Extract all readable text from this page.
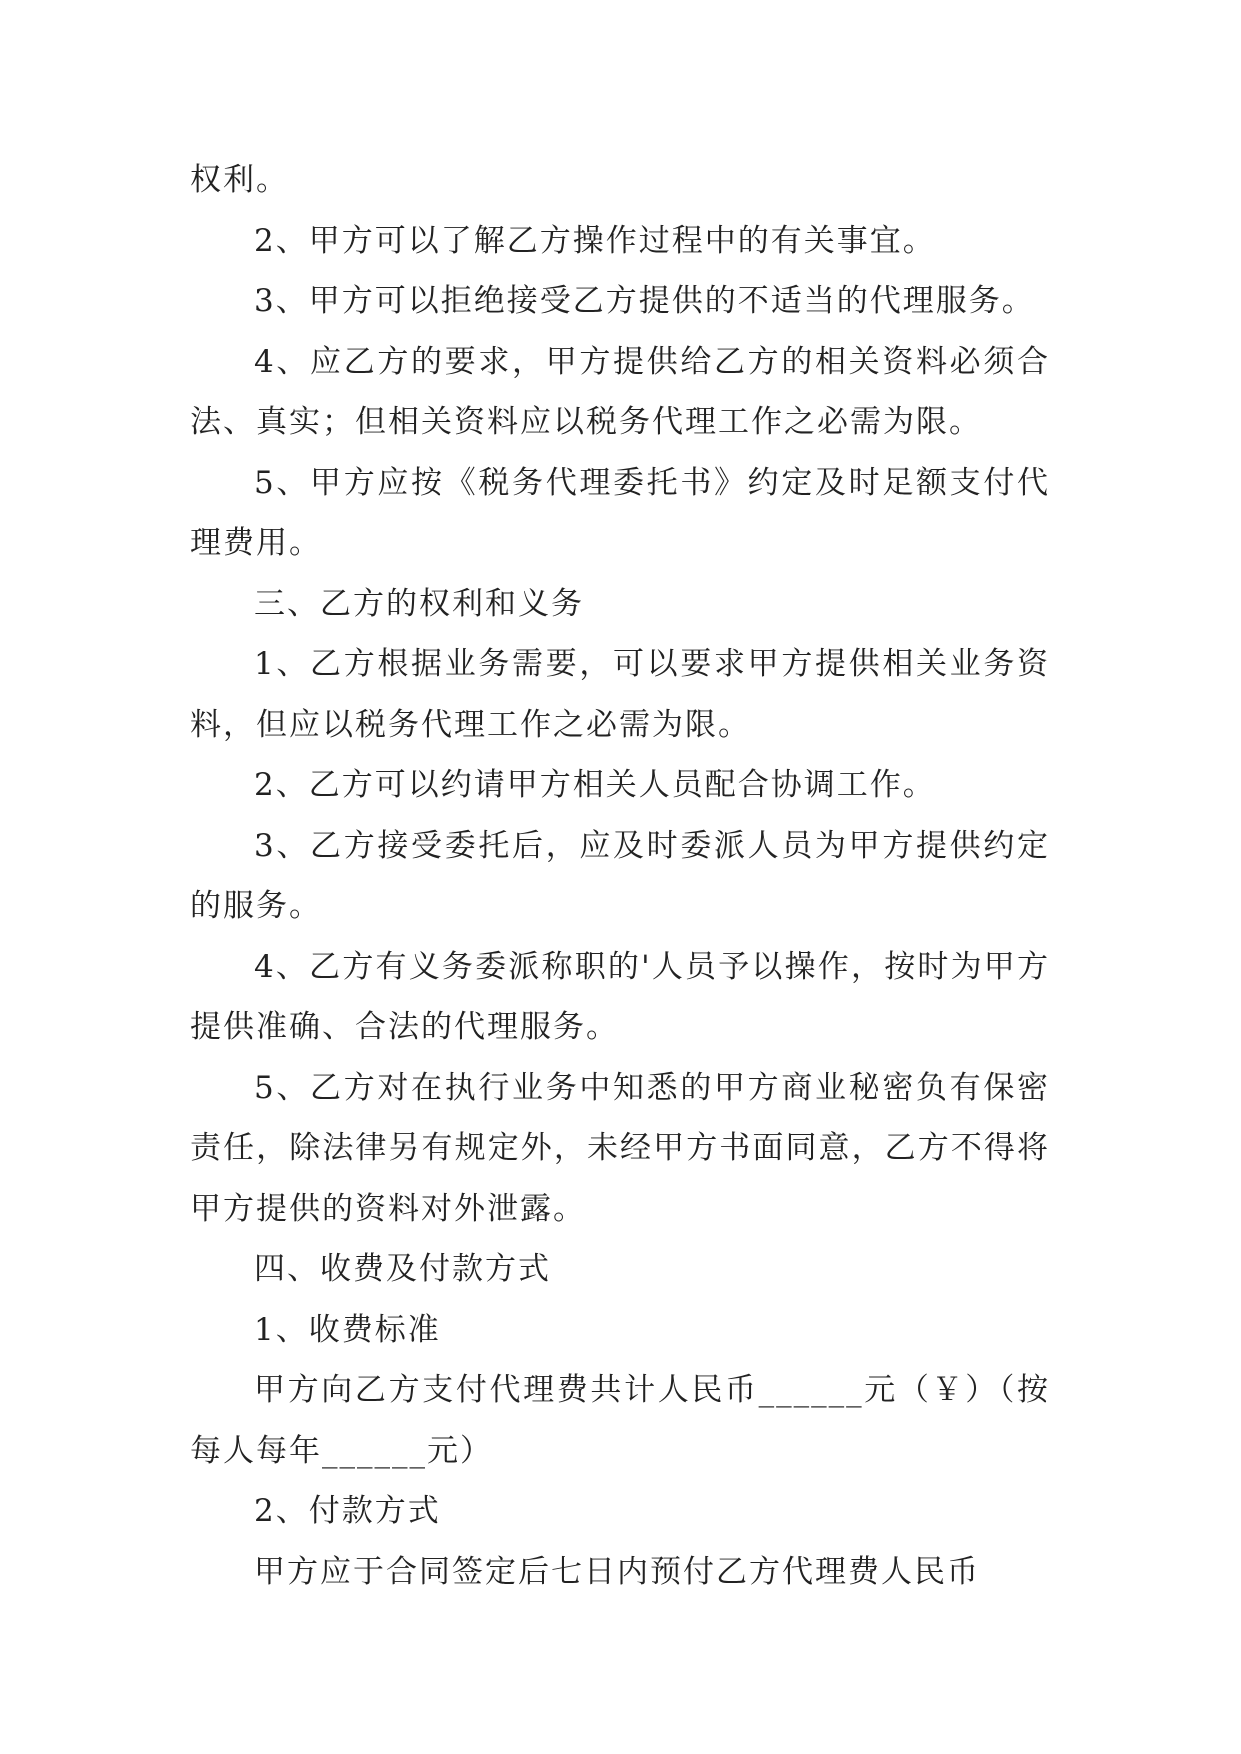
权利。

2、甲方可以了解乙方操作过程中的有关事宜。

3、甲方可以拒绝接受乙方提供的不适当的代理服务。

4、应乙方的要求，甲方提供给乙方的相关资料必须合法、真实；但相关资料应以税务代理工作之必需为限。

5、甲方应按《税务代理委托书》约定及时足额支付代理费用。

三、乙方的权利和义务

1、乙方根据业务需要，可以要求甲方提供相关业务资料，但应以税务代理工作之必需为限。

2、乙方可以约请甲方相关人员配合协调工作。

3、乙方接受委托后，应及时委派人员为甲方提供约定的服务。

4、乙方有义务委派称职的'人员予以操作，按时为甲方提供准确、合法的代理服务。

5、乙方对在执行业务中知悉的甲方商业秘密负有保密责任，除法律另有规定外，未经甲方书面同意，乙方不得将甲方提供的资料对外泄露。

四、收费及付款方式

1、收费标准

甲方向乙方支付代理费共计人民币______元（￥）（按每人每年______元）

2、付款方式

甲方应于合同签定后七日内预付乙方代理费人民币
